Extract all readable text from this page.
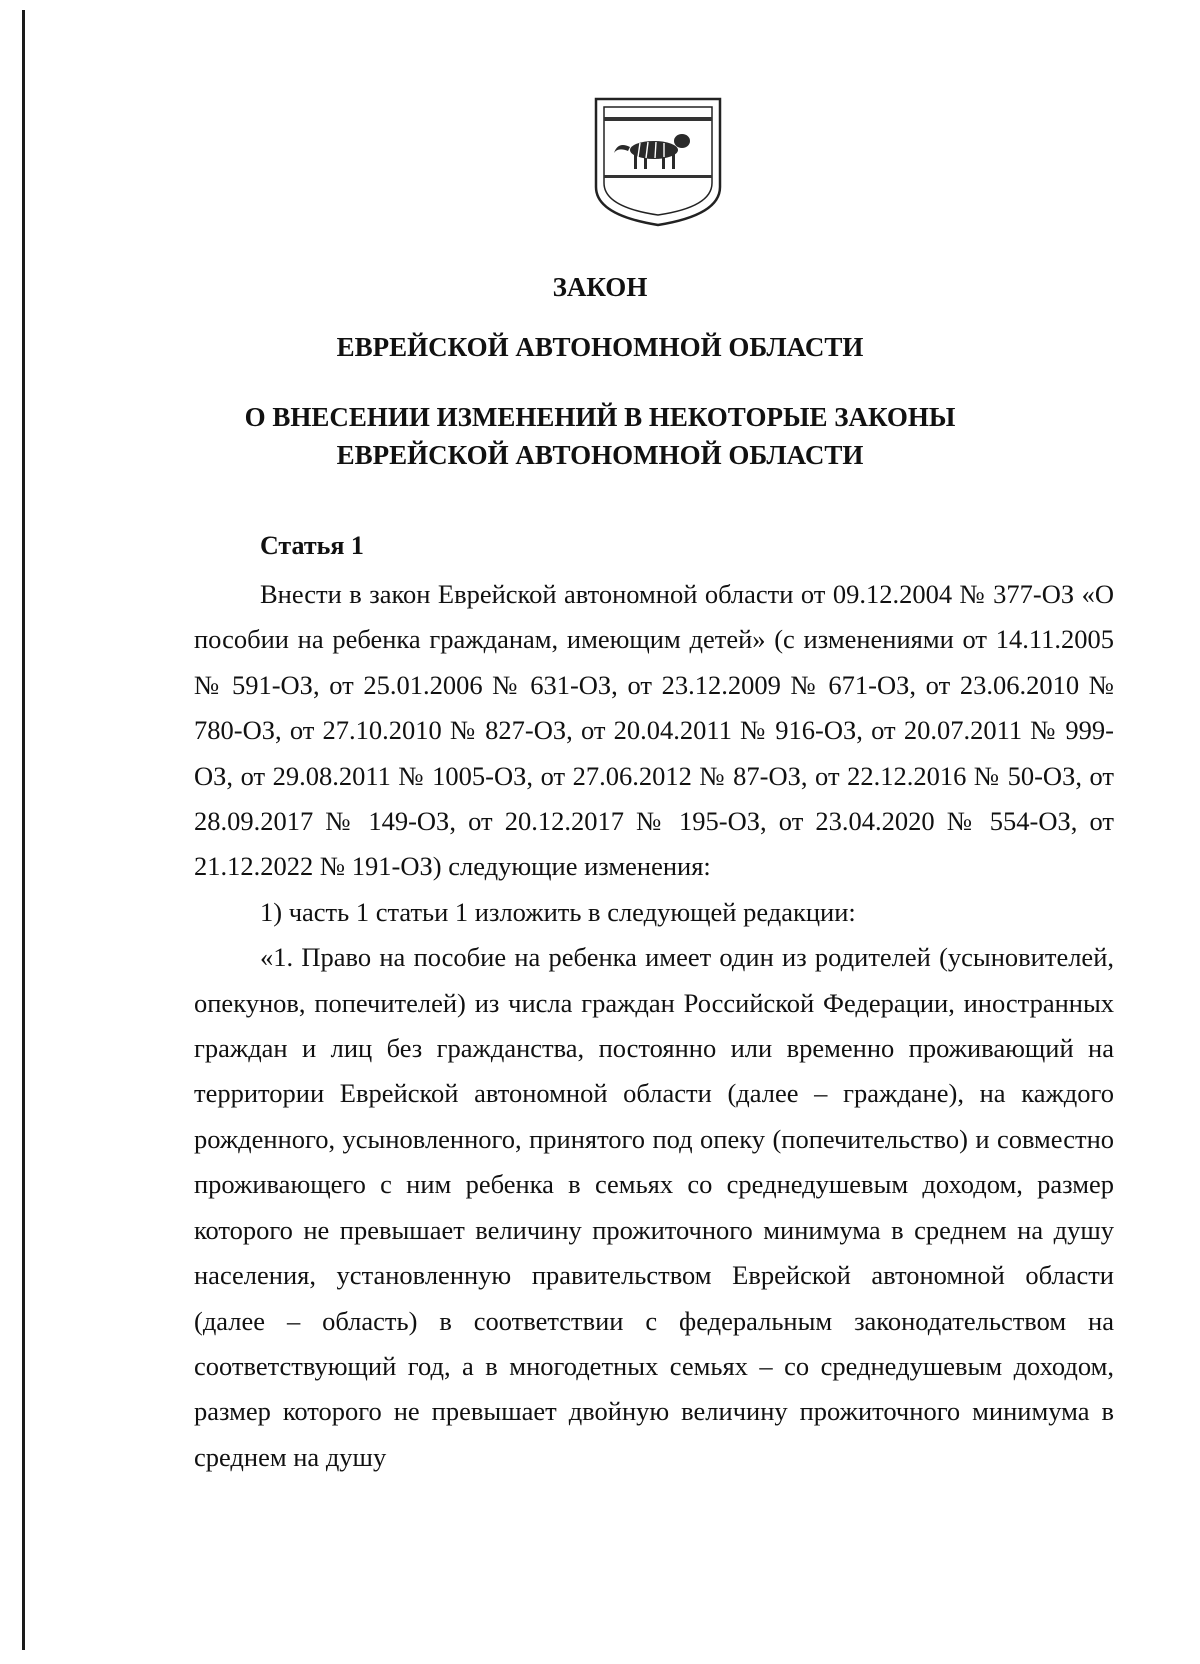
ЗАКОН
ЕВРЕЙСКОЙ АВТОНОМНОЙ ОБЛАСТИ
О ВНЕСЕНИИ ИЗМЕНЕНИЙ В НЕКОТОРЫЕ ЗАКОНЫ
ЕВРЕЙСКОЙ АВТОНОМНОЙ ОБЛАСТИ
Статья 1

Внести в закон Еврейской автономной области от 09.12.2004 № 377-ОЗ «О пособии на ребенка гражданам, имеющим детей» (с изменениями от 14.11.2005 № 591-ОЗ, от 25.01.2006 № 631-ОЗ, от 23.12.2009 № 671-ОЗ, от 23.06.2010 № 780-ОЗ, от 27.10.2010 № 827-ОЗ, от 20.04.2011 № 916-ОЗ, от 20.07.2011 № 999-ОЗ, от 29.08.2011 № 1005-ОЗ, от 27.06.2012 № 87-ОЗ, от 22.12.2016 № 50-ОЗ, от 28.09.2017 № 149-ОЗ, от 20.12.2017 № 195-ОЗ, от 23.04.2020 № 554-ОЗ, от 21.12.2022 № 191-ОЗ) следующие изменения:

1) часть 1 статьи 1 изложить в следующей редакции:

«1. Право на пособие на ребенка имеет один из родителей (усыновителей, опекунов, попечителей) из числа граждан Российской Федерации, иностранных граждан и лиц без гражданства, постоянно или временно проживающий на территории Еврейской автономной области (далее – граждане), на каждого рожденного, усыновленного, принятого под опеку (попечительство) и совместно проживающего с ним ребенка в семьях со среднедушевым доходом, размер которого не превышает величину прожиточного минимума в среднем на душу населения, установленную правительством Еврейской автономной области (далее – область) в соответствии с федеральным законодательством на соответствующий год, а в многодетных семьях – со среднедушевым доходом, размер которого не превышает двойную величину прожиточного минимума в среднем на душу
